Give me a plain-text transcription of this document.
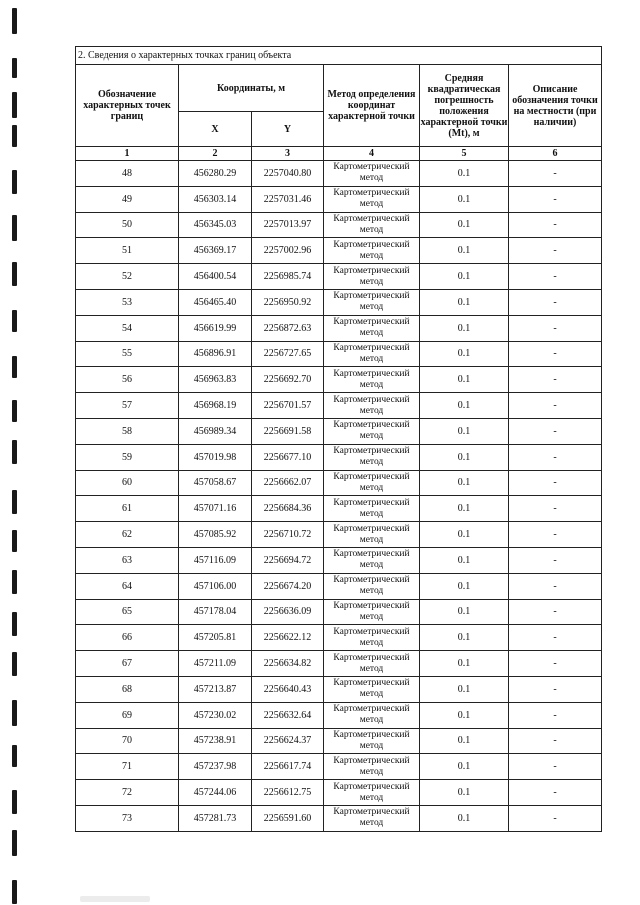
2. Сведения о характерных точках границ объекта					
Обозначение характерных точек границ	Координаты, м		Метод определения координат характерной точки	Средняя квадратическая погрешность положения характерной точки (Mt), м	Описание обозначения точки на местности (при наличии)
	X	Y			
1	2	3	4	5	6
48	456280.29	2257040.80	Картометрический метод	0.1	-
49	456303.14	2257031.46	Картометрический метод	0.1	-
50	456345.03	2257013.97	Картометрический метод	0.1	-
51	456369.17	2257002.96	Картометрический метод	0.1	-
52	456400.54	2256985.74	Картометрический метод	0.1	-
53	456465.40	2256950.92	Картометрический метод	0.1	-
54	456619.99	2256872.63	Картометрический метод	0.1	-
55	456896.91	2256727.65	Картометрический метод	0.1	-
56	456963.83	2256692.70	Картометрический метод	0.1	-
57	456968.19	2256701.57	Картометрический метод	0.1	-
58	456989.34	2256691.58	Картометрический метод	0.1	-
59	457019.98	2256677.10	Картометрический метод	0.1	-
60	457058.67	2256662.07	Картометрический метод	0.1	-
61	457071.16	2256684.36	Картометрический метод	0.1	-
62	457085.92	2256710.72	Картометрический метод	0.1	-
63	457116.09	2256694.72	Картометрический метод	0.1	-
64	457106.00	2256674.20	Картометрический метод	0.1	-
65	457178.04	2256636.09	Картометрический метод	0.1	-
66	457205.81	2256622.12	Картометрический метод	0.1	-
67	457211.09	2256634.82	Картометрический метод	0.1	-
68	457213.87	2256640.43	Картометрический метод	0.1	-
69	457230.02	2256632.64	Картометрический метод	0.1	-
70	457238.91	2256624.37	Картометрический метод	0.1	-
71	457237.98	2256617.74	Картометрический метод	0.1	-
72	457244.06	2256612.75	Картометрический метод	0.1	-
73	457281.73	2256591.60	Картометрический метод	0.1	-
